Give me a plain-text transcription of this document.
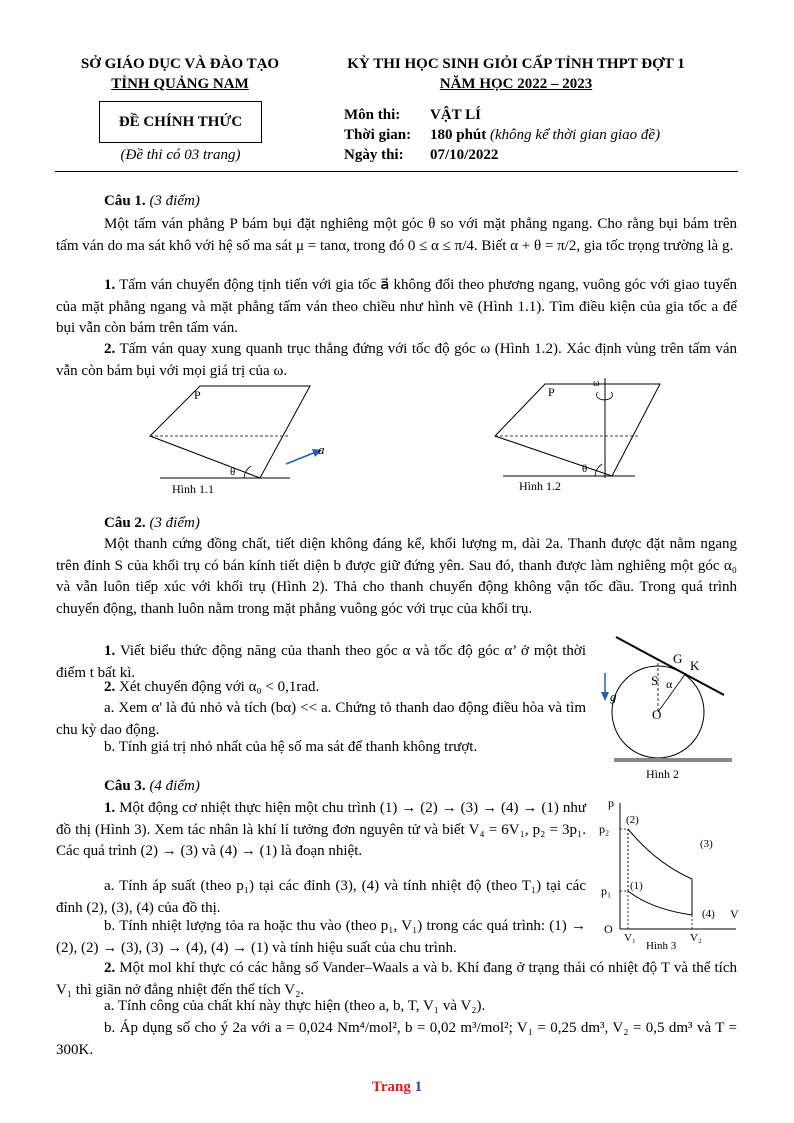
SỞ GIÁO DỤC VÀ ĐÀO TẠO
TỈNH QUẢNG NAM
KỲ THI HỌC SINH GIỎI CẤP TỈNH THPT ĐỢT 1
NĂM HỌC 2022 – 2023
ĐỀ CHÍNH THỨC
(Đề thi có 03 trang)
Môn thi: VẬT LÍ
Thời gian: 180 phút (không kể thời gian giao đề)
Ngày thi: 07/10/2022
Câu 1. (3 điểm)
Một tấm ván phẳng P bám bụi đặt nghiêng một góc θ so với mặt phẳng ngang. Cho rằng bụi bám trên tấm ván do ma sát khô với hệ số ma sát μ = tanα, trong đó 0 ≤ α ≤ π/4. Biết α + θ = π/2, gia tốc trọng trường là g.
1. Tấm ván chuyển động tịnh tiến với gia tốc a⃗ không đổi theo phương ngang, vuông góc với giao tuyến của mặt phẳng ngang và mặt phẳng tấm ván theo chiều như hình vẽ (Hình 1.1). Tìm điều kiện của gia tốc a để bụi vẫn còn bám trên tấm ván.
2. Tấm ván quay xung quanh trục thẳng đứng với tốc độ góc ω (Hình 1.2). Xác định vùng trên tấm ván vẫn còn bám bụi với mọi giá trị của ω.
P
θ
a⃗
Hình 1.1
ω
P
θ
Hình 1.2
Câu 2. (3 điểm)
Một thanh cứng đồng chất, tiết diện không đáng kể, khối lượng m, dài 2a. Thanh được đặt nằm ngang trên đỉnh S của khối trụ có bán kính tiết diện b được giữ đứng yên. Sau đó, thanh được làm nghiêng một góc α₀ và vẫn luôn tiếp xúc với khối trụ (Hình 2). Thả cho thanh chuyển động không vận tốc đầu. Trong quá trình chuyển động, thanh luôn nằm trong mặt phẳng vuông góc với trục của khối trụ.
1. Viết biểu thức động năng của thanh theo góc α và tốc độ góc α’ ở một thời điểm t bất kì.
2. Xét chuyển động với α₀ < 0,1rad.
a. Xem α' là đủ nhỏ và tích (bα) << a. Chứng tỏ thanh dao động điều hòa và tìm chu kỳ dao động.
b. Tính giá trị nhỏ nhất của hệ số ma sát để thanh không trượt.
G K
S α
O
g⃗
Hình 2
Câu 3. (4 điểm)
1. Một động cơ nhiệt thực hiện một chu trình (1) → (2) → (3) → (4) → (1) như đồ thị (Hình 3). Xem tác nhân là khí lí tưởng đơn nguyên tử và biết V₄ = 6V₁, p₂ = 3p₁. Các quá trình (2) → (3) và (4) → (1) là đoạn nhiệt.
a. Tính áp suất (theo p₁) tại các đỉnh (3), (4) và tính nhiệt độ (theo T₁) tại các đỉnh (2), (3), (4) của đồ thị.
b. Tính nhiệt lượng tỏa ra hoặc thu vào (theo p₁, V₁) trong các quá trình: (1) → (2), (2) → (3), (3) → (4), (4) → (1) và tính hiệu suất của chu trình.
2. Một mol khí thực có các hằng số Vander–Waals a và b. Khí đang ở trạng thái có nhiệt độ T và thể tích V₁ thì giãn nở đẳng nhiệt đến thể tích V₂.
a. Tính công của chất khí này thực hiện (theo a, b, T, V₁ và V₂).
b. Áp dụng số cho ý 2a với a = 0,024 Nm⁴/mol², b = 0,02 m³/mol²; V₁ = 0,25 dm³, V₂ = 0,5 dm³ và T = 300K.
p
p₂
p₁
(2)
(3)
(1)
(4)
O
V
V₁	V₂
Hình 3
Trang 1
